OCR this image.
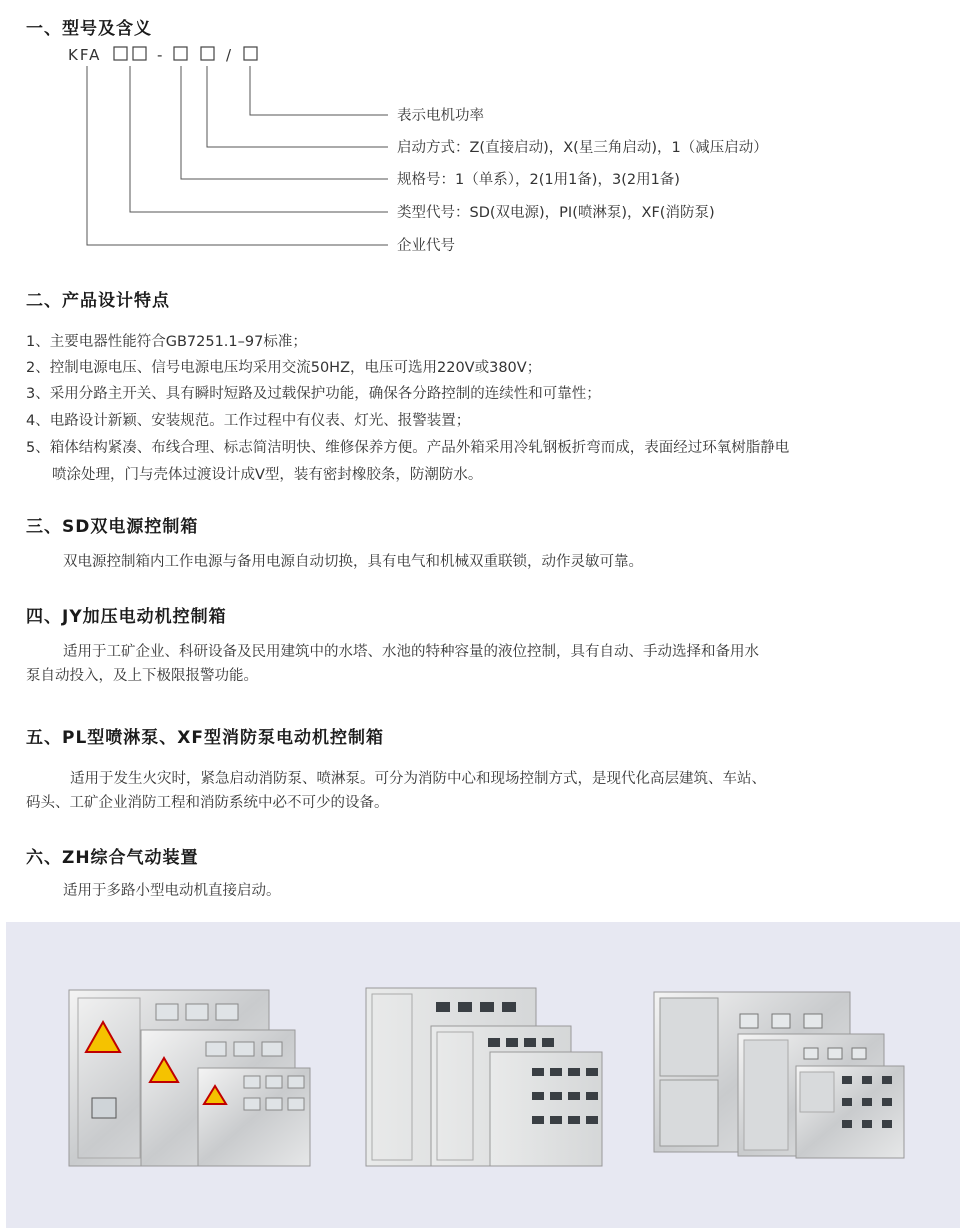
一、型号及含义
KFA	-	/
表示电机功率
启动方式：Z(直接启动)，X(星三角启动)，1（减压启动）
规格号：1（单系），2(1用1备)，3(2用1备)
类型代号：SD(双电源)，PI(喷淋泵)，XF(消防泵)
企业代号
二、产品设计特点
1、主要电器性能符合GB7251.1–97标准；
2、控制电源电压、信号电源电压均采用交流50HZ，电压可选用220V或380V；
3、采用分路主开关、具有瞬时短路及过载保护功能，确保各分路控制的连续性和可靠性；
4、电路设计新颖、安装规范。工作过程中有仪表、灯光、报警装置；
5、箱体结构紧凑、布线合理、标志简洁明快、维修保养方便。产品外箱采用冷轧钢板折弯而成，表面经过环氧树脂静电
喷涂处理，门与壳体过渡设计成V型，装有密封橡胶条，防潮防水。
三、SD双电源控制箱
双电源控制箱内工作电源与备用电源自动切换，具有电气和机械双重联锁，动作灵敏可靠。
四、JY加压电动机控制箱
适用于工矿企业、科研设备及民用建筑中的水塔、水池的特种容量的液位控制，具有自动、手动选择和备用水
泵自动投入，及上下极限报警功能。
五、PL型喷淋泵、XF型消防泵电动机控制箱
适用于发生火灾时，紧急启动消防泵、喷淋泵。可分为消防中心和现场控制方式，是现代化高层建筑、车站、
码头、工矿企业消防工程和消防系统中必不可少的设备。
六、ZH综合气动装置
适用于多路小型电动机直接启动。
